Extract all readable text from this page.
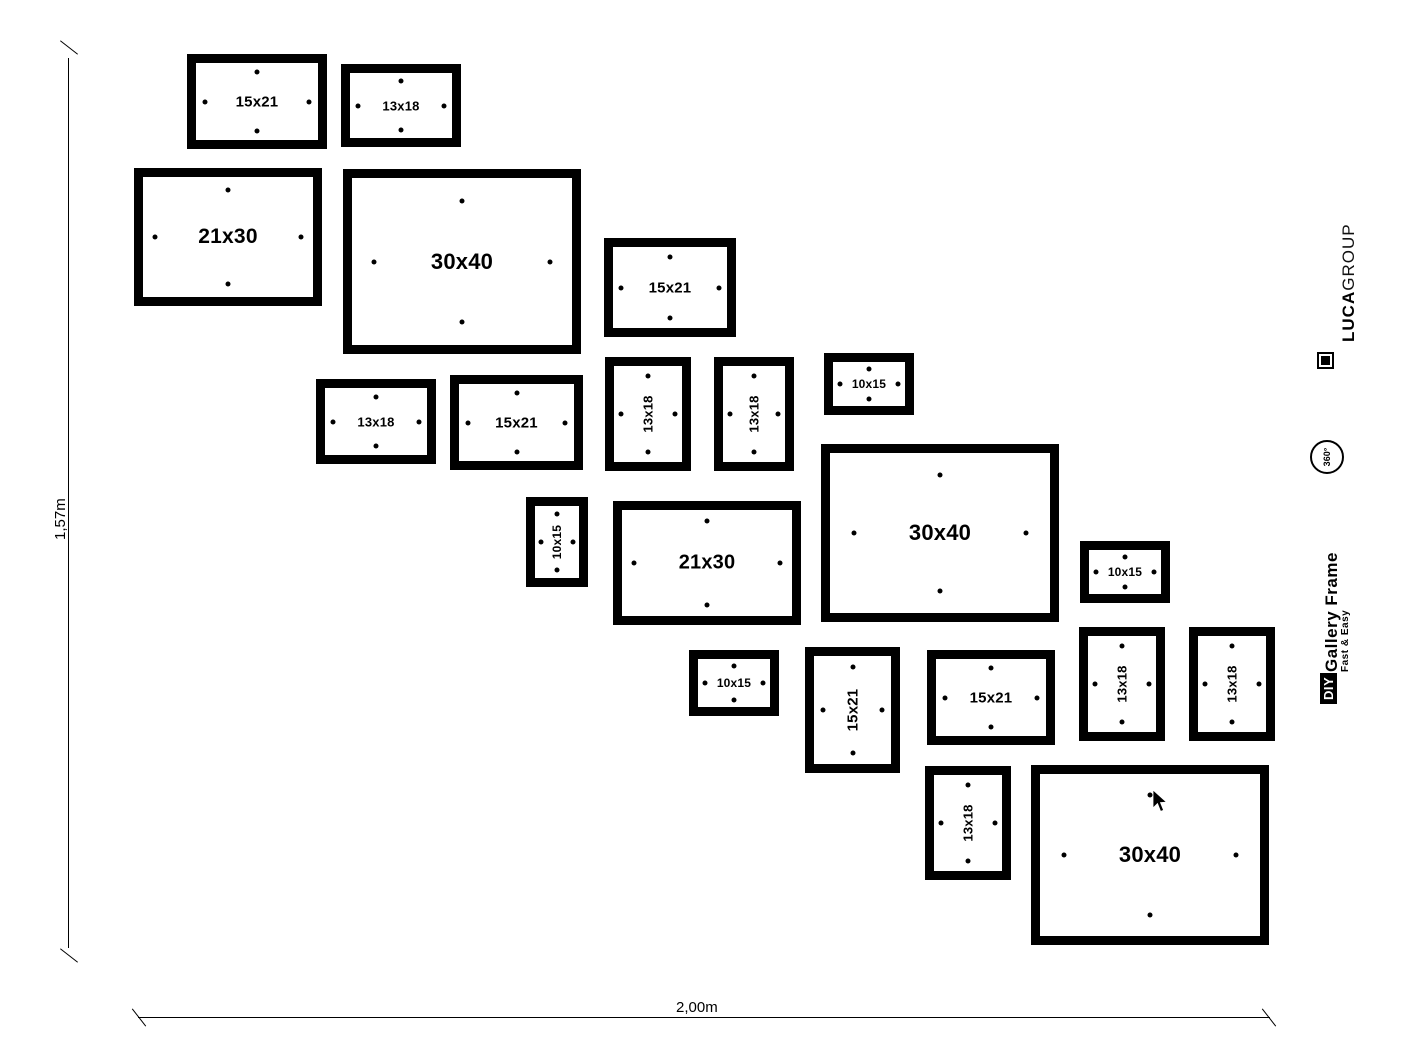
1,57m
2,00m
15x21	13x18
21x30
30x40
15x21
13x18	15x21	13x18	13x18
10x15
10x15
21x30
30x40
10x15
10x15
15x21	15x21	13x18	13x18
13x18
30x40
LUCAGROUP
360°
Gallery Frame Fast & Easy
DIY
